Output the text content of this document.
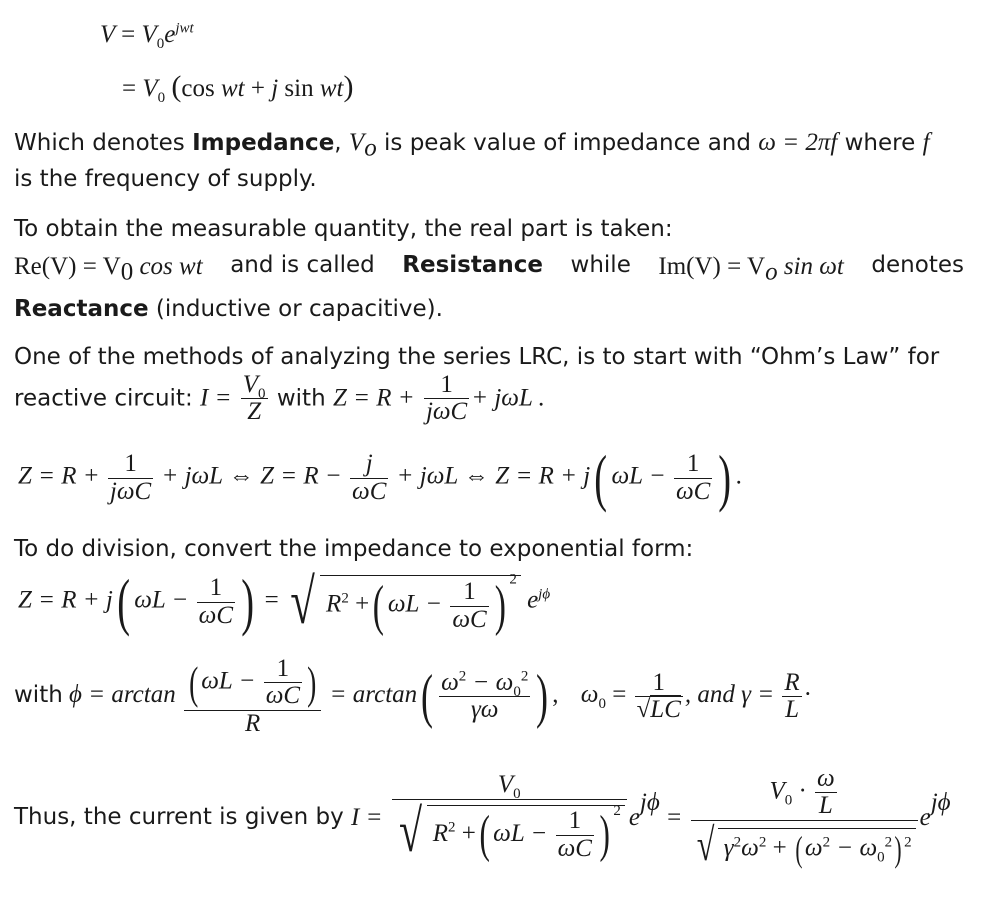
$V = V_0e^{jwt}$
= $V_0$ (cos wt + j sin wt)
Which denotes Impedance, $V_o$ is peak value of impedance and ω = 2πf where f
is the frequency of supply.
To obtain the measurable quantity, the real part is taken:
$Re(V) = V_0$ cos wt and is called Resistance while $Im(V) = V_o$ sin ωt denotes
Reactance (inductive or capacitive).
One of the methods of analyzing the series LRC, is to start with “Ohm’s Law” for
reactive circuit: $I = \frac{V_0}{Z}$ with $Z = R + \frac{1}{\text{jωC}} + j\omega L$ .
$Z = R + \frac{1}{\text{jωC}} + j\omega L$ ⇔ $Z = R - \frac{j}{\omega C} + j\omega L$ ⇔ Z = R + j( $\omega L - \frac{1}{\omega C}$ ) .
To do division, convert the impedance to exponential form:
Z = R + j( $\omega L - \frac{1}{\omega C}$ ) = √ $R^2$ +( $\omega L - \frac{1}{\omega C}$ ) $^2$ $e^{j\phi}$
with $\phi = \arctan \frac{( \omega L - \frac{1}{\omega C} )}{R} = \arctan( \frac{\omega^2 - \omega_0^2}{\gamma\omega}$ ) , $\omega_0 = \frac{1}{√LC}$ , and $\gamma = \frac{R}{L}$ ·
Thus, the current is given by $I = \frac{V_0}{√ R^2 +( \omega L - \frac{1}{\omega C} ) ^2} e^{j\phi} = \frac{V_0 \cdot \frac{\omega}{L}}{√ \gamma^2\omega^2 + (\omega^2 - \omega_0^2) ^2} e^{j\phi}$
